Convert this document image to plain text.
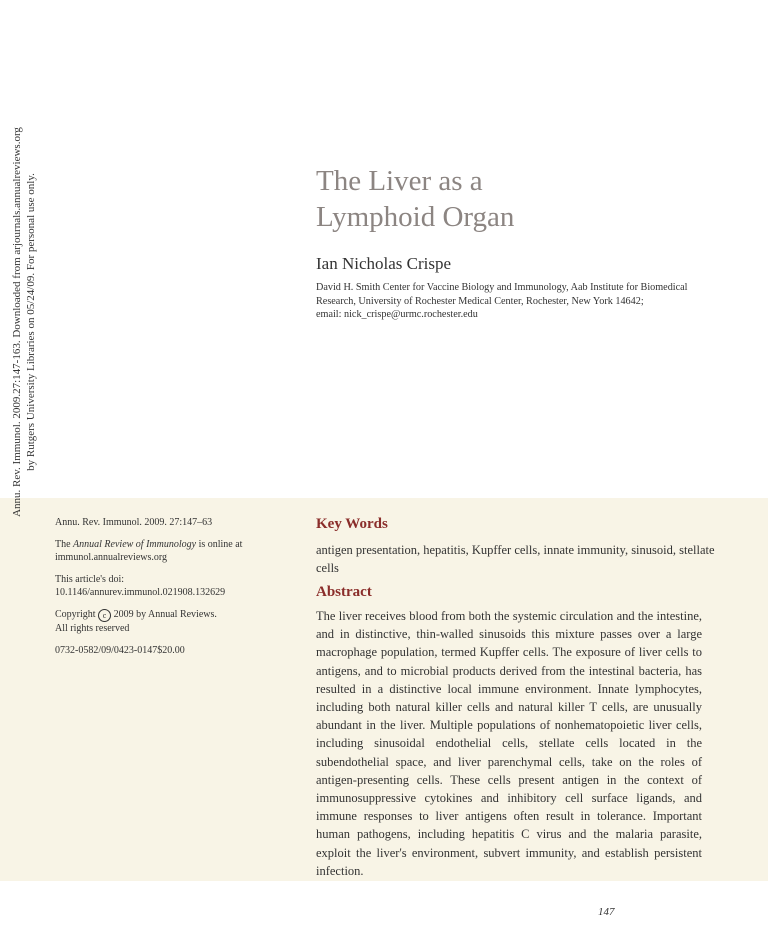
Annu. Rev. Immunol. 2009.27:147-163. Downloaded from arjournals.annualreviews.org by Rutgers University Libraries on 05/24/09. For personal use only.	The Liver as a
Lymphoid Organ
Ian Nicholas Crispe
David H. Smith Center for Vaccine Biology and Immunology, Aab Institute for Biomedical Research, University of Rochester Medical Center, Rochester, New York 14642;
email: nick_crispe@urmc.rochester.edu

Annu. Rev. Immunol. 2009. 27:147–63

The Annual Review of Immunology is online at
immunol.annualreviews.org

This article's doi:
10.1146/annurev.immunol.021908.132629

Copyright c 2009 by Annual Reviews.
All rights reserved

0732-0582/09/0423-0147$20.00

Key Words
antigen presentation, hepatitis, Kupffer cells, innate immunity, sinusoid, stellate cells
Abstract
The liver receives blood from both the systemic circulation and the intestine, and in distinctive, thin-walled sinusoids this mixture passes over a large macrophage population, termed Kupffer cells. The exposure of liver cells to antigens, and to microbial products derived from the intestinal bacteria, has resulted in a distinctive local immune environment. Innate lymphocytes, including both natural killer cells and natural killer T cells, are unusually abundant in the liver. Multiple populations of nonhematopoietic liver cells, including sinusoidal endothelial cells, stellate cells located in the subendothelial space, and liver parenchymal cells, take on the roles of antigen-presenting cells. These cells present antigen in the context of immunosuppressive cytokines and inhibitory cell surface ligands, and immune responses to liver antigens often result in tolerance. Important human pathogens, including hepatitis C virus and the malaria parasite, exploit the liver's environment, subvert immunity, and establish persistent infection.
147
